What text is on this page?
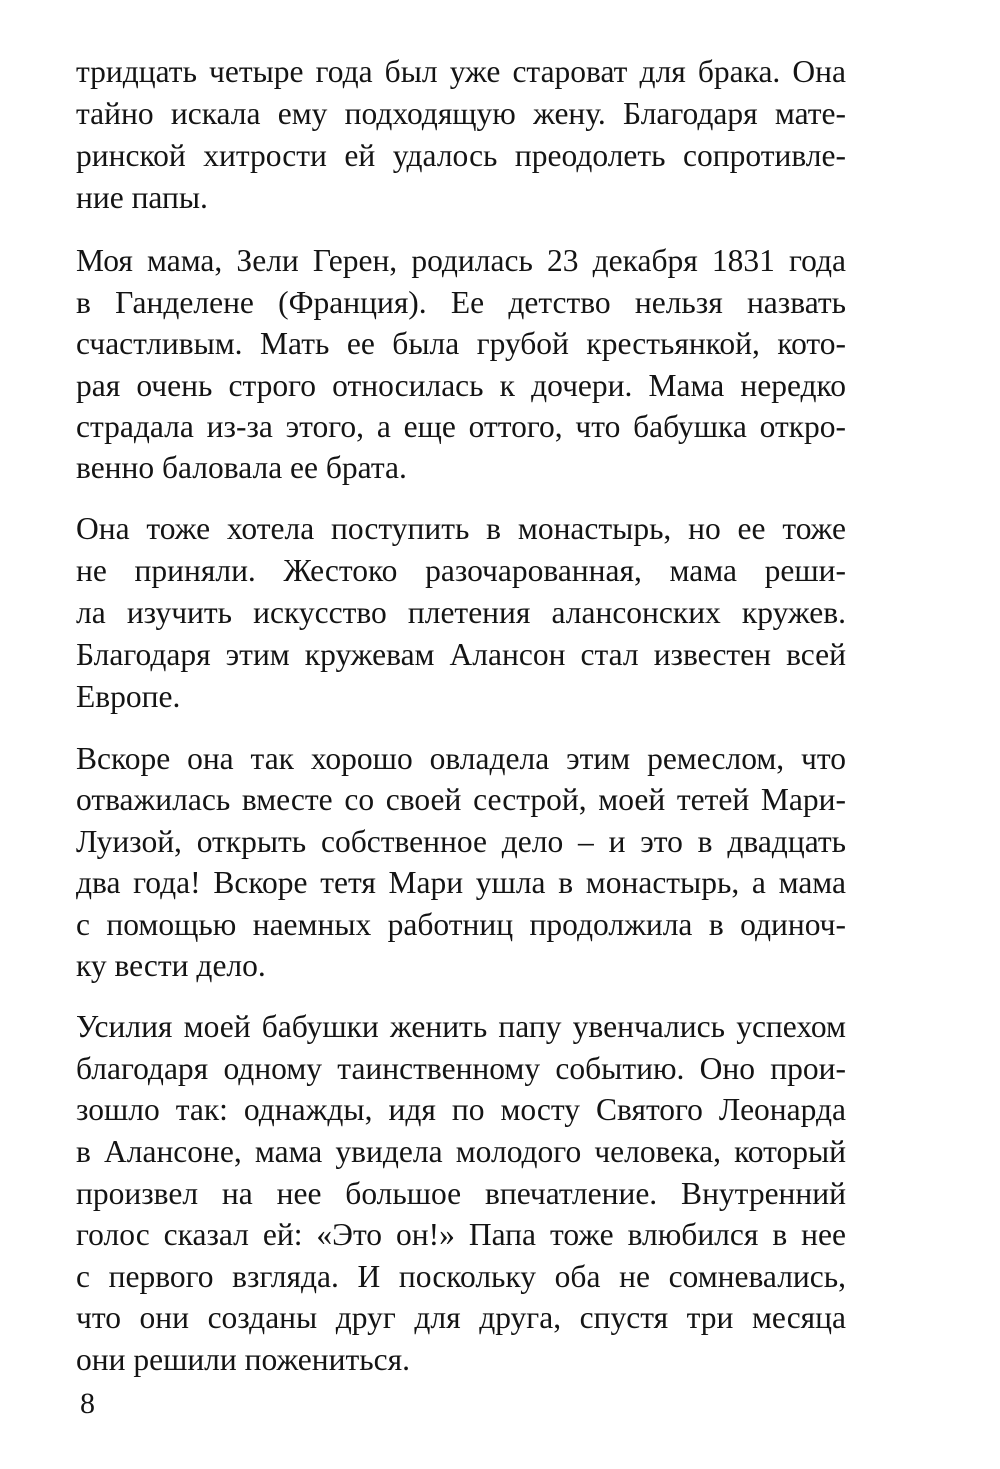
тридцать четыре года был уже староват для брака. Она
тайно искала ему подходящую жену. Благодаря мате-
ринской хитрости ей удалось преодолеть сопротивле-
ние папы.
Моя мама, Зели Герен, родилась 23 декабря 1831 года
в Ганделене (Франция). Ее детство нельзя назвать
счастливым. Мать ее была грубой крестьянкой, кото-
рая очень строго относилась к дочери. Мама нередко
страдала из-за этого, а еще оттого, что бабушка откро-
венно баловала ее брата.
Она тоже хотела поступить в монастырь, но ее тоже
не приняли. Жестоко разочарованная, мама реши-
ла изучить искусство плетения алансонских кружев.
Благодаря этим кружевам Алансон стал известен всей
Европе.
Вскоре она так хорошо овладела этим ремеслом, что
отважилась вместе со своей сестрой, моей тетей Мари-
Луизой, открыть собственное дело – и это в двадцать
два года! Вскоре тетя Мари ушла в монастырь, а мама
с помощью наемных работниц продолжила в одиноч-
ку вести дело.
Усилия моей бабушки женить папу увенчались успехом
благодаря одному таинственному событию. Оно прои-
зошло так: однажды, идя по мосту Святого Леонарда
в Алансоне, мама увидела молодого человека, который
произвел на нее большое впечатление. Внутренний
голос сказал ей: «Это он!» Папа тоже влюбился в нее
с первого взгляда. И поскольку оба не сомневались,
что они созданы друг для друга, спустя три месяца
они решили пожениться.
8
